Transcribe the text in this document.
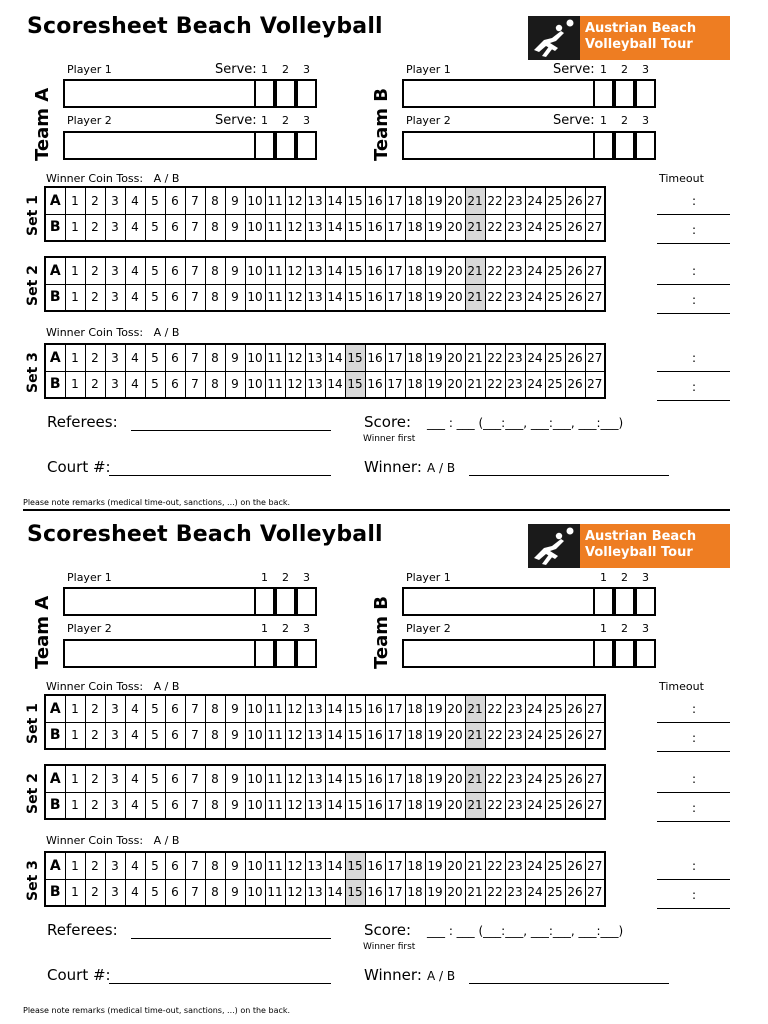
Scoresheet Beach Volleyball	Austrian Beach
Volleyball Tour
Team A	Team B
Player 1	Serve: 1	2	3
Player 2	Serve: 1	2	3
Player 1	Serve: 1	2	3
Player 2	Serve: 1	2	3
Winner Coin Toss: A / B	Timeout
Set 1	:
:
A	1	2	3	4	5	6	7	8	9	10	11	12	13	14	15	16	17	18	19	20	21	22	23	24	25	26	27
B	1	2	3	4	5	6	7	8	9	10	11	12	13	14	15	16	17	18	19	20	21	22	23	24	25	26	27
Set 2	:
:
A	1	2	3	4	5	6	7	8	9	10	11	12	13	14	15	16	17	18	19	20	21	22	23	24	25	26	27
B	1	2	3	4	5	6	7	8	9	10	11	12	13	14	15	16	17	18	19	20	21	22	23	24	25	26	27
Set 3	:
:
A	1	2	3	4	5	6	7	8	9	10	11	12	13	14	15	16	17	18	19	20	21	22	23	24	25	26	27
B	1	2	3	4	5	6	7	8	9	10	11	12	13	14	15	16	17	18	19	20	21	22	23	24	25	26	27
Winner Coin Toss: A / B
Referees:	Score: ___ : ___ (___:___, ___:___, ___:___)
Winner first
Court #:	Winner: A / B
Please note remarks (medical time-out, sanctions, ...) on the back.
Scoresheet Beach Volleyball	Austrian Beach
Volleyball Tour
Team A	Team B
Player 1	1	2	3
Player 2	1	2	3
Player 1	1	2	3
Player 2	1	2	3
Winner Coin Toss: A / B	Timeout
Set 1	:
:
A	1	2	3	4	5	6	7	8	9	10	11	12	13	14	15	16	17	18	19	20	21	22	23	24	25	26	27
B	1	2	3	4	5	6	7	8	9	10	11	12	13	14	15	16	17	18	19	20	21	22	23	24	25	26	27
Set 2	:
:
A	1	2	3	4	5	6	7	8	9	10	11	12	13	14	15	16	17	18	19	20	21	22	23	24	25	26	27
B	1	2	3	4	5	6	7	8	9	10	11	12	13	14	15	16	17	18	19	20	21	22	23	24	25	26	27
Set 3	:
:
A	1	2	3	4	5	6	7	8	9	10	11	12	13	14	15	16	17	18	19	20	21	22	23	24	25	26	27
B	1	2	3	4	5	6	7	8	9	10	11	12	13	14	15	16	17	18	19	20	21	22	23	24	25	26	27
Winner Coin Toss: A / B
Referees:	Score: ___ : ___ (___:___, ___:___, ___:___)
Winner first
Court #:	Winner: A / B
Please note remarks (medical time-out, sanctions, ...) on the back.
